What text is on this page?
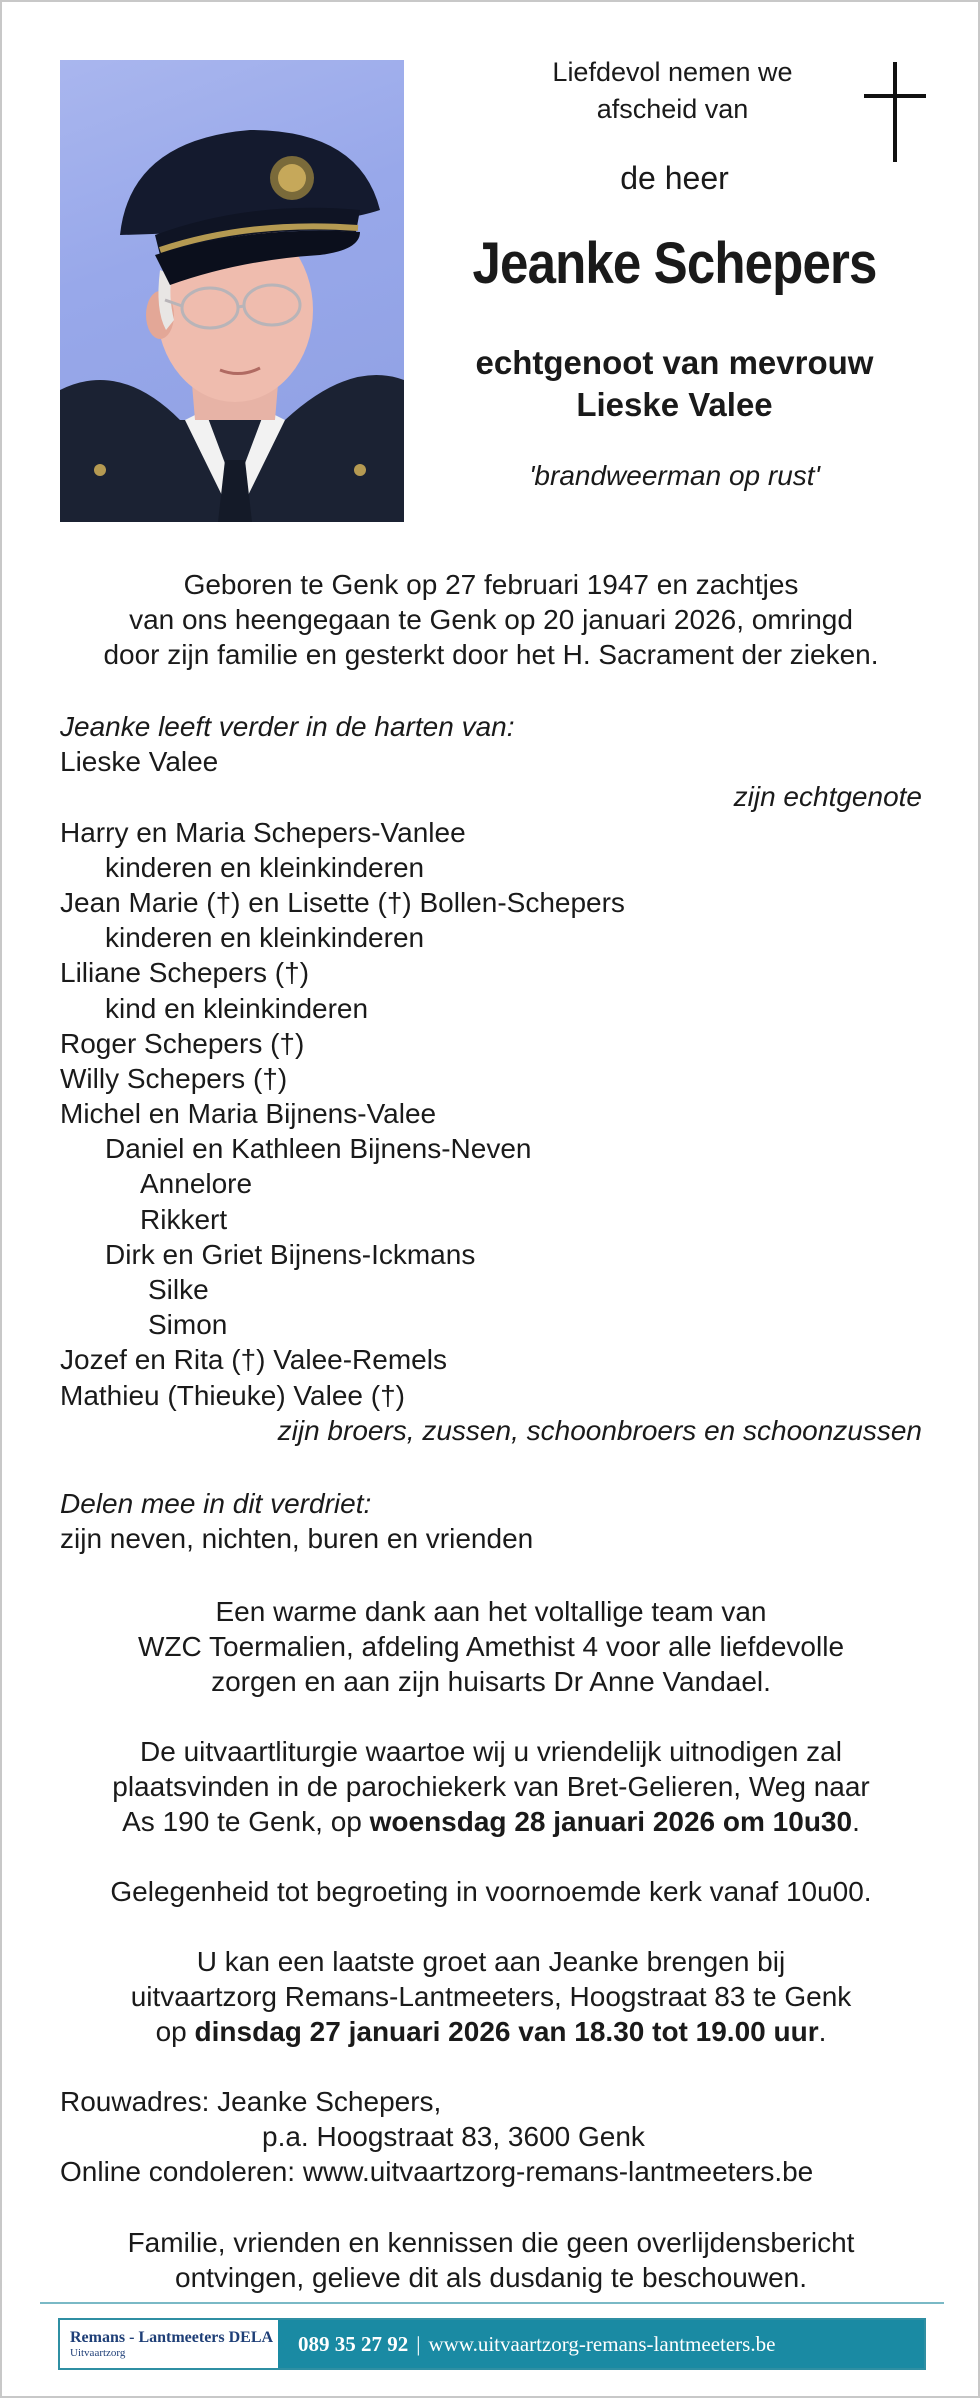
Liefdevol nemen we
afscheid van
de heer
Jeanke Schepers
echtgenoot van mevrouw
Lieske Valee
'brandweerman op rust'
Geboren te Genk op 27 februari 1947 en zachtjes
van ons heengegaan te Genk op 20 januari 2026, omringd
door zijn familie en gesterkt door het H. Sacrament der zieken.
Jeanke leeft verder in de harten van:
Lieske Valee
zijn echtgenote
Harry en Maria Schepers-Vanlee
kinderen en kleinkinderen
Jean Marie (†) en Lisette (†) Bollen-Schepers
kinderen en kleinkinderen
Liliane Schepers (†)
kind en kleinkinderen
Roger Schepers (†)
Willy Schepers (†)
Michel en Maria Bijnens-Valee
Daniel en Kathleen Bijnens-Neven
Annelore
Rikkert
Dirk en Griet Bijnens-Ickmans
Silke
Simon
Jozef en Rita (†) Valee-Remels
Mathieu (Thieuke) Valee (†)
zijn broers, zussen, schoonbroers en schoonzussen
Delen mee in dit verdriet:
zijn neven, nichten, buren en vrienden
Een warme dank aan het voltallige team van
WZC Toermalien, afdeling Amethist 4 voor alle liefdevolle
zorgen en aan zijn huisarts Dr Anne Vandael.
De uitvaartliturgie waartoe wij u vriendelijk uitnodigen zal
plaatsvinden in de parochiekerk van Bret-Gelieren, Weg naar
As 190 te Genk, op woensdag 28 januari 2026 om 10u30.
Gelegenheid tot begroeting in voornoemde kerk vanaf 10u00.
U kan een laatste groet aan Jeanke brengen bij
uitvaartzorg Remans-Lantmeeters, Hoogstraat 83 te Genk
op dinsdag 27 januari 2026 van 18.30 tot 19.00 uur.
Rouwadres: Jeanke Schepers,
p.a. Hoogstraat 83, 3600 Genk
Online condoleren: www.uitvaartzorg-remans-lantmeeters.be
Familie, vrienden en kennissen die geen overlijdensbericht
ontvingen, gelieve dit als dusdanig te beschouwen.
Remans - Lantmeeters DELA
Uitvaartzorg	089 35 27 92 | www.uitvaartzorg-remans-lantmeeters.be
